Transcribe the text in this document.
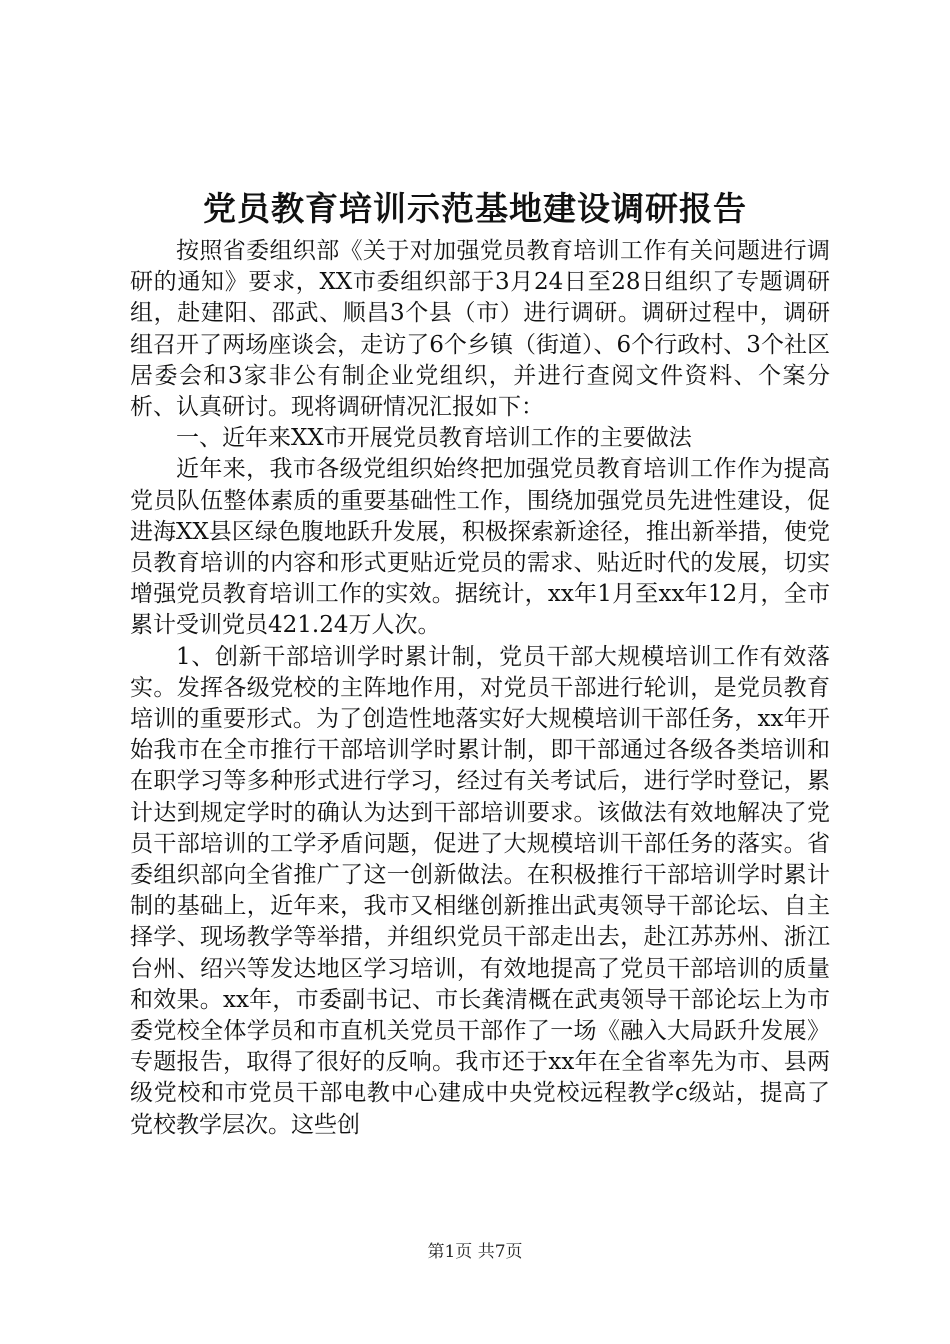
党员教育培训示范基地建设调研报告

按照省委组织部《关于对加强党员教育培训工作有关问题进行调研的通知》要求，XX市委组织部于3月24日至28日组织了专题调研组，赴建阳、邵武、顺昌3个县（市）进行调研。调研过程中，调研组召开了两场座谈会，走访了6个乡镇（街道）、6个行政村、3个社区居委会和3家非公有制企业党组织，并进行查阅文件资料、个案分析、认真研讨。现将调研情况汇报如下：

一、近年来XX市开展党员教育培训工作的主要做法

近年来，我市各级党组织始终把加强党员教育培训工作作为提高党员队伍整体素质的重要基础性工作，围绕加强党员先进性建设，促进海XX县区绿色腹地跃升发展，积极探索新途径，推出新举措，使党员教育培训的内容和形式更贴近党员的需求、贴近时代的发展，切实增强党员教育培训工作的实效。据统计，xx年1月至xx年12月，全市累计受训党员421.24万人次。

1、创新干部培训学时累计制，党员干部大规模培训工作有效落实。发挥各级党校的主阵地作用，对党员干部进行轮训，是党员教育培训的重要形式。为了创造性地落实好大规模培训干部任务，xx年开始我市在全市推行干部培训学时累计制，即干部通过各级各类培训和在职学习等多种形式进行学习，经过有关考试后，进行学时登记，累计达到规定学时的确认为达到干部培训要求。该做法有效地解决了党员干部培训的工学矛盾问题，促进了大规模培训干部任务的落实。省委组织部向全省推广了这一创新做法。在积极推行干部培训学时累计制的基础上，近年来，我市又相继创新推出武夷领导干部论坛、自主择学、现场教学等举措，并组织党员干部走出去，赴江苏苏州、浙江台州、绍兴等发达地区学习培训，有效地提高了党员干部培训的质量和效果。xx年，市委副书记、市长龚清概在武夷领导干部论坛上为市委党校全体学员和市直机关党员干部作了一场《融入大局跃升发展》专题报告，取得了很好的反响。我市还于xx年在全省率先为市、县两级党校和市党员干部电教中心建成中央党校远程教学c级站，提高了党校教学层次。这些创

第1页 共7页
